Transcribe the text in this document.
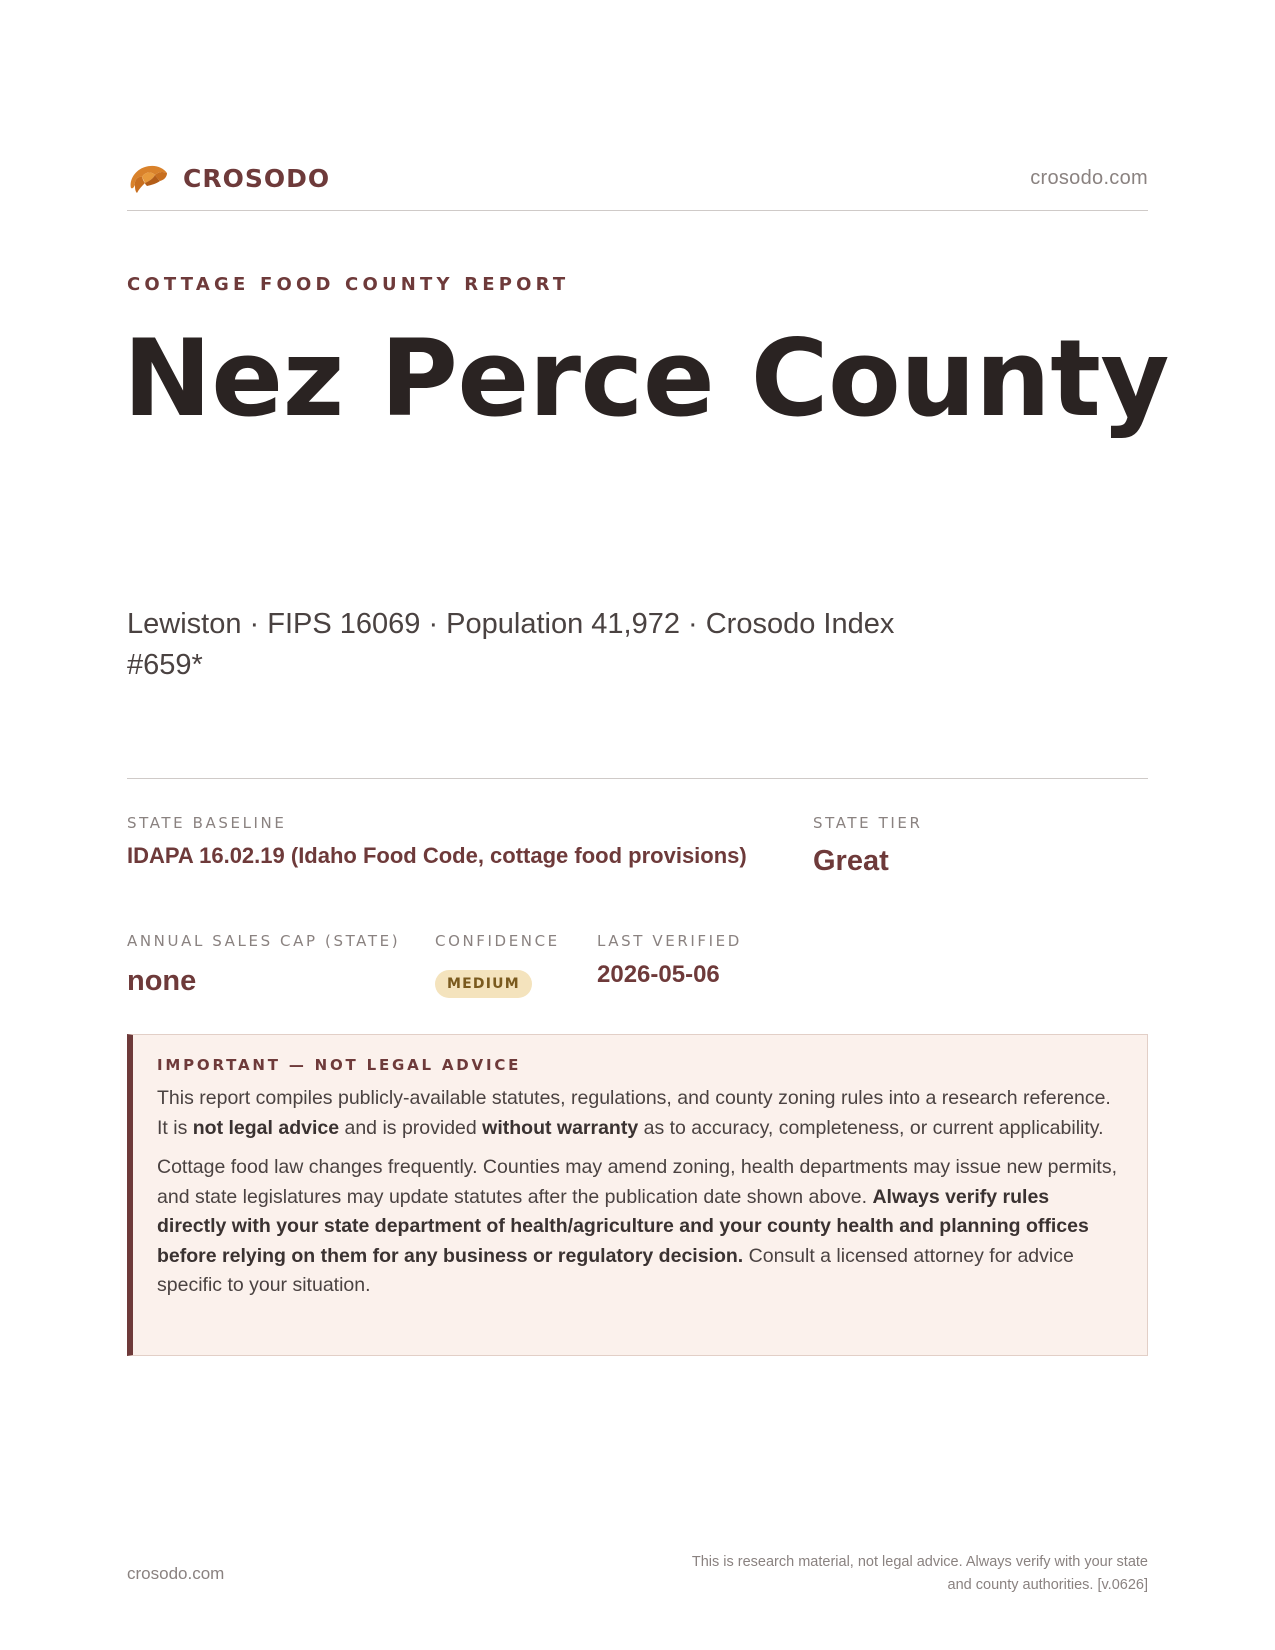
CROSODO	crosodo.com
COTTAGE FOOD COUNTY REPORT
Nez Perce County
Lewiston · FIPS 16069 · Population 41,972 · Crosodo Index #659*
STATE BASELINE
IDAPA 16.02.19 (Idaho Food Code, cottage food provisions)
STATE TIER
Great
ANNUAL SALES CAP (STATE)
none
CONFIDENCE
MEDIUM
LAST VERIFIED
2026-05-06
IMPORTANT — NOT LEGAL ADVICE

This report compiles publicly-available statutes, regulations, and county zoning rules into a research reference. It is not legal advice and is provided without warranty as to accuracy, completeness, or current applicability.

Cottage food law changes frequently. Counties may amend zoning, health departments may issue new permits, and state legislatures may update statutes after the publication date shown above. Always verify rules directly with your state department of health/agriculture and your county health and planning offices before relying on them for any business or regulatory decision. Consult a licensed attorney for advice specific to your situation.

crosodo.com
This is research material, not legal advice. Always verify with your state
and county authorities. [v.0626]
